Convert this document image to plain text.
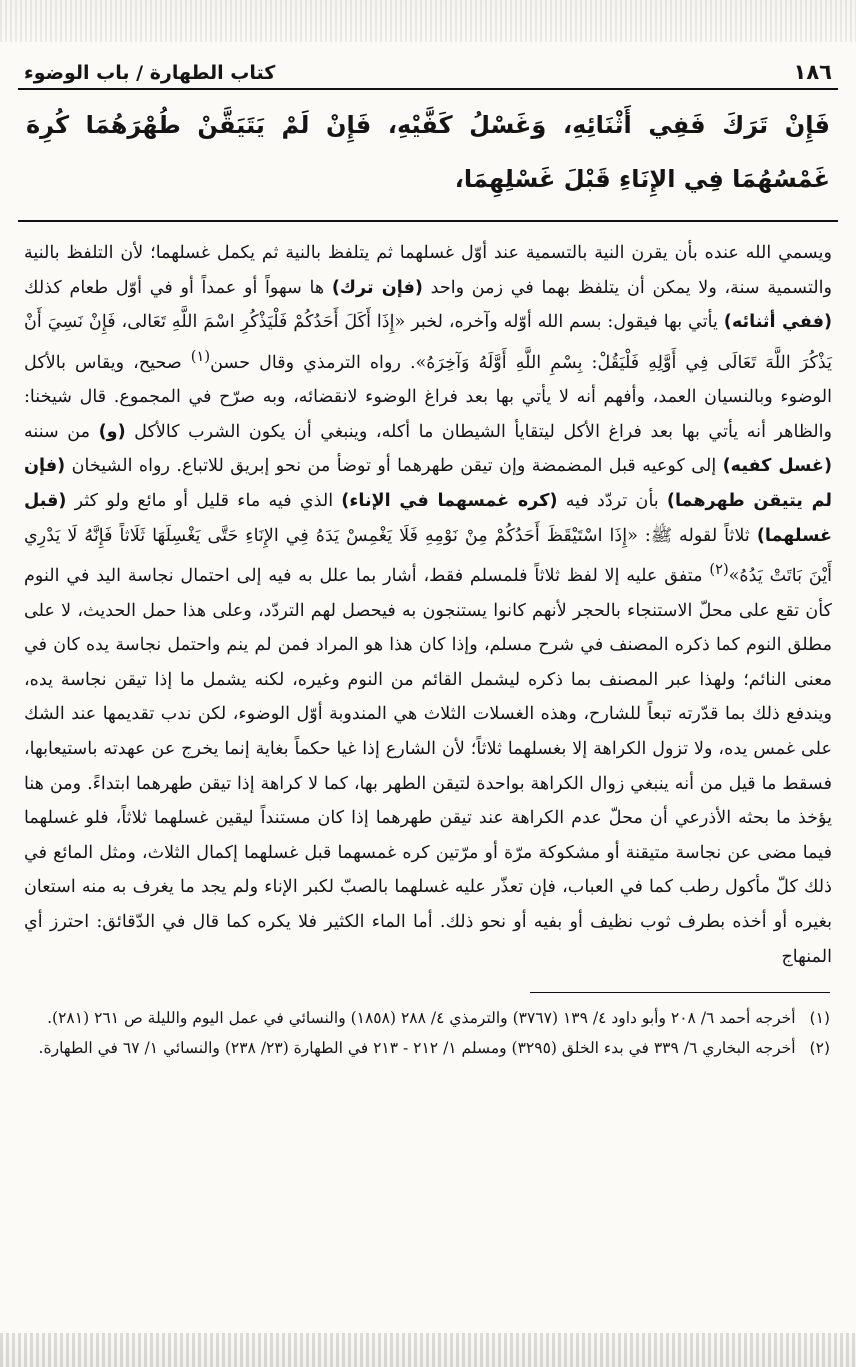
١٨٦
كتاب الطهارة / باب الوضوء

فَإِنْ تَرَكَ فَفِي أَثْنَائِهِ، وَغَسْلُ كَفَّيْهِ، فَإِنْ لَمْ يَتَيَقَّنْ طُهْرَهُمَا كُرِهَ غَمْسُهُمَا فِي الإِنَاءِ قَبْلَ غَسْلِهِمَا،

ويسمي الله عنده بأن يقرن النية بالتسمية عند أوّل غسلهما ثم يتلفظ بالنية ثم يكمل غسلهما؛ لأن التلفظ بالنية والتسمية سنة، ولا يمكن أن يتلفظ بهما في زمن واحد (فإن ترك) ها سهواً أو عمداً أو في أوّل طعام كذلك (ففي أثنائه) يأتي بها فيقول: بسم الله أوّله وآخره، لخبر «إِذَا أَكَلَ أَحَدُكُمْ فَلْيَذْكُرِ اسْمَ اللَّهِ تَعَالى، فَإِنْ نَسِيَ أَنْ يَذْكُرَ اللَّهَ تَعَالَى فِي أَوَّلِهِ فَلْيَقُلْ: بِسْمِ اللَّهِ أَوَّلَهُ وَآخِرَهُ». رواه الترمذي وقال حسن$^{(١)}$ صحيح، ويقاس بالأكل الوضوء وبالنسيان العمد، وأفهم أنه لا يأتي بها بعد فراغ الوضوء لانقضائه، وبه صرّح في المجموع. قال شيخنا: والظاهر أنه يأتي بها بعد فراغ الأكل ليتقايأ الشيطان ما أكله، وينبغي أن يكون الشرب كالأكل (و) من سننه (غسل كفيه) إلى كوعيه قبل المضمضة وإن تيقن طهرهما أو توضأ من نحو إبريق للاتباع. رواه الشيخان (فإن لم يتيقن طهرهما) بأن تردّد فيه (كره غمسهما في الإناء) الذي فيه ماء قليل أو مائع ولو كثر (قبل غسلهما) ثلاثاً لقوله ﷺ: «إِذَا اسْتَيْقَظَ أَحَدُكُمْ مِنْ نَوْمِهِ فَلَا يَغْمِسْ يَدَهُ فِي الإِنَاءِ حَتَّى يَغْسِلَهَا ثَلَاثاً فَإِنَّهُ لَا يَدْرِي أَيْنَ بَاتَتْ يَدُهُ»$^{(٢)}$ متفق عليه إلا لفظ ثلاثاً فلمسلم فقط، أشار بما علل به فيه إلى احتمال نجاسة اليد في النوم كأن تقع على محلّ الاستنجاء بالحجر لأنهم كانوا يستنجون به فيحصل لهم التردّد، وعلى هذا حمل الحديث، لا على مطلق النوم كما ذكره المصنف في شرح مسلم، وإذا كان هذا هو المراد فمن لم ينم واحتمل نجاسة يده كان في معنى النائم؛ ولهذا عبر المصنف بما ذكره ليشمل القائم من النوم وغيره، لكنه يشمل ما إذا تيقن نجاسة يده، ويندفع ذلك بما قدّرته تبعاً للشارح، وهذه الغسلات الثلاث هي المندوبة أوّل الوضوء، لكن ندب تقديمها عند الشك على غمس يده، ولا تزول الكراهة إلا بغسلهما ثلاثاً؛ لأن الشارع إذا غيا حكماً بغاية إنما يخرج عن عهدته باستيعابها، فسقط ما قيل من أنه ينبغي زوال الكراهة بواحدة لتيقن الطهر بها، كما لا كراهة إذا تيقن طهرهما ابتداءً. ومن هنا يؤخذ ما بحثه الأذرعي أن محلّ عدم الكراهة عند تيقن طهرهما إذا كان مستنداً ليقين غسلهما ثلاثاً، فلو غسلهما فيما مضى عن نجاسة متيقنة أو مشكوكة مرّة أو مرّتين كره غمسهما قبل غسلهما إكمال الثلاث، ومثل المائع في ذلك كلّ مأكول رطب كما في العباب، فإن تعذّر عليه غسلهما بالصبّ لكبر الإناء ولم يجد ما يغرف به منه استعان بغيره أو أخذه بطرف ثوب نظيف أو بفيه أو نحو ذلك. أما الماء الكثير فلا يكره كما قال في الدّقائق: احترز أي المنهاج

(١)
أخرجه أحمد ٦/ ٢٠٨ وأبو داود ٤/ ١٣٩ (٣٧٦٧) والترمذي ٤/ ٢٨٨ (١٨٥٨) والنسائي في عمل اليوم والليلة ص ٢٦١ (٢٨١).

(٢)
أخرجه البخاري ٦/ ٣٣٩ في بدء الخلق (٣٢٩٥) ومسلم ١/ ٢١٢ - ٢١٣ في الطهارة (٢٣/ ٢٣٨) والنسائي ١/ ٦٧ في الطهارة.
